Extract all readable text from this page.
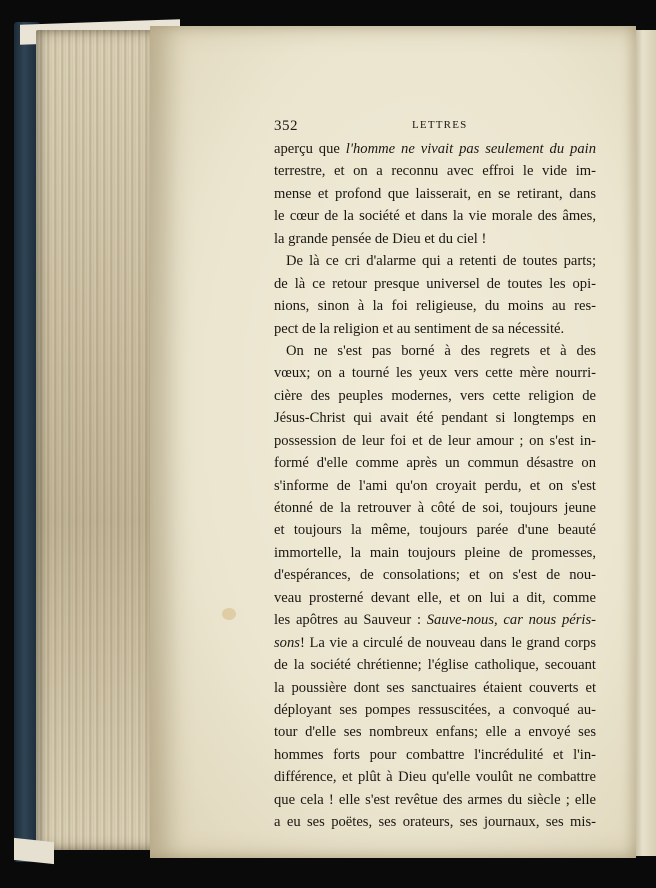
352	LETTRES
aperçu que l'homme ne vivait pas seulement du pain
terrestre, et on a reconnu avec effroi le vide im-
mense et profond que laisserait, en se retirant, dans
le cœur de la société et dans la vie morale des âmes,
la grande pensée de Dieu et du ciel !
De là ce cri d'alarme qui a retenti de toutes parts;
de là ce retour presque universel de toutes les opi-
nions, sinon à la foi religieuse, du moins au res-
pect de la religion et au sentiment de sa nécessité.
On ne s'est pas borné à des regrets et à des
vœux; on a tourné les yeux vers cette mère nourri-
cière des peuples modernes, vers cette religion de
Jésus-Christ qui avait été pendant si longtemps en
possession de leur foi et de leur amour ; on s'est in-
formé d'elle comme après un commun désastre on
s'informe de l'ami qu'on croyait perdu, et on s'est
étonné de la retrouver à côté de soi, toujours jeune
et toujours la même, toujours parée d'une beauté
immortelle, la main toujours pleine de promesses,
d'espérances, de consolations; et on s'est de nou-
veau prosterné devant elle, et on lui a dit, comme
les apôtres au Sauveur : Sauve-nous, car nous péris-
sons! La vie a circulé de nouveau dans le grand corps
de la société chrétienne; l'église catholique, secouant
la poussière dont ses sanctuaires étaient couverts et
déployant ses pompes ressuscitées, a convoqué au-
tour d'elle ses nombreux enfans; elle a envoyé ses
hommes forts pour combattre l'incrédulité et l'in-
différence, et plût à Dieu qu'elle voulût ne combattre
que cela ! elle s'est revêtue des armes du siècle ; elle
a eu ses poëtes, ses orateurs, ses journaux, ses mis-
